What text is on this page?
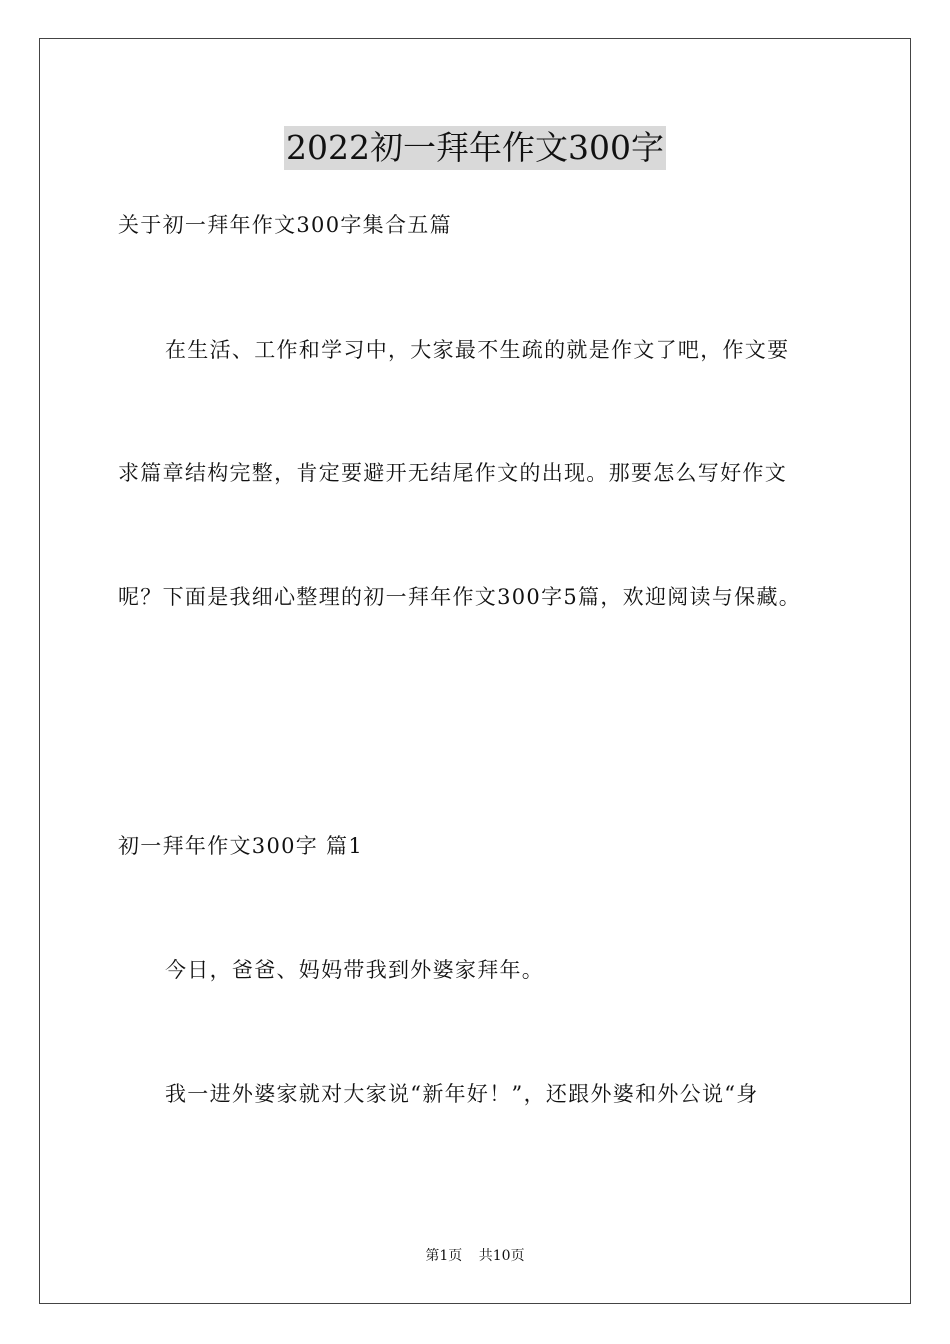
2022初一拜年作文300字
关于初一拜年作文300字集合五篇
在生活、工作和学习中，大家最不生疏的就是作文了吧，作文要
求篇章结构完整，肯定要避开无结尾作文的出现。那要怎么写好作文
呢？下面是我细心整理的初一拜年作文300字5篇，欢迎阅读与保藏。
初一拜年作文300字 篇1
今日，爸爸、妈妈带我到外婆家拜年。
我一进外婆家就对大家说“新年好！”，还跟外婆和外公说“身
第1页 共10页
